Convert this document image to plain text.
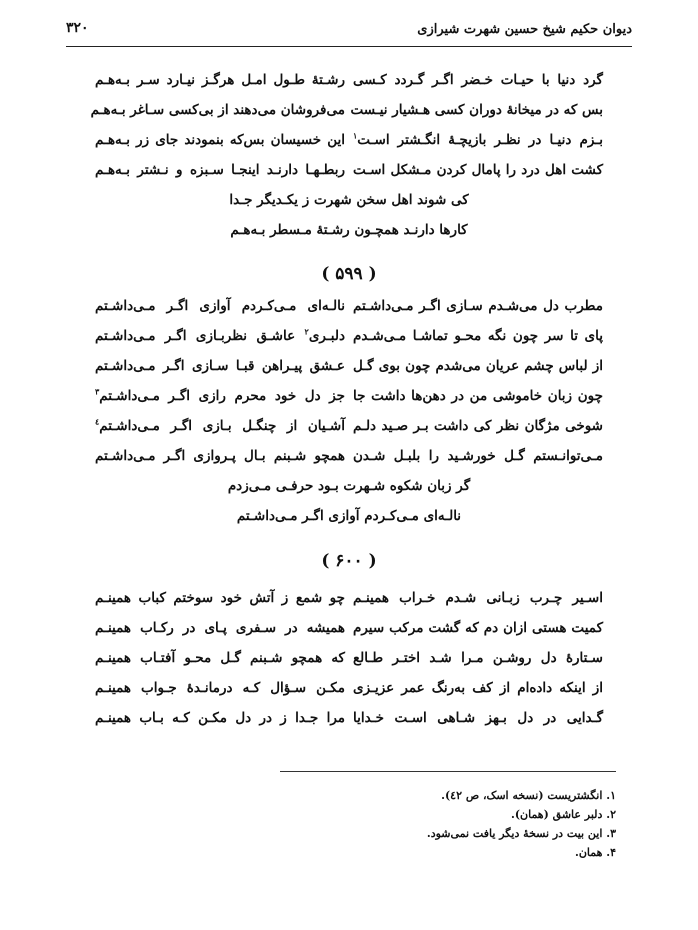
دیوان حکیم شیخ حسین شهرت شیرازی
۳۲۰
گرد دنیا با حیـات خـضر اگـر گـردد کـسی
رشـتهٔ طـول امـل هرگـز نیـارد سـر بـه‌هـم
بس که در میخانهٔ دوران کسی هـشیار نیـست
می‌فروشان می‌دهند از بی‌کسی سـاغر بـه‌هـم
بـزم دنیـا در نظـر بازیچـهٔ انگـشتر اسـت$^۱$
این خسیسان بس‌که بنمودند جای زر بـه‌هـم
کشت اهل درد را پامال کردن مـشکل اسـت
ربطـهـا دارنـد اینجـا سـبزه و نـشتر بـه‌هـم
کی شوند اهل سخن شهرت ز یکـدیگر جـدا
کارها دارنـد همچـون رشـتهٔ مـسطر بـه‌هـم
( ۵۹۹ )
مطرب دل می‌شـدم سـازی اگـر مـی‌داشـتم
نالـه‌ای مـی‌کـردم آوازی اگـر مـی‌داشـتم
پای تا سر چون نگه محـو تماشـا مـی‌شـدم
دلبـری$^۲$ عاشـق نظربـازی اگـر مـی‌داشـتم
از لباس چشم عریان می‌شدم چون بوی گـل
عـشق پیـراهن قبـا سـازی اگـر مـی‌داشـتم
چون زبان خاموشی من در دهن‌ها داشت جا
جز دل خود محرم رازی اگـر مـی‌داشـتم$^۳$
شوخی مژگان نظر کی داشت بـر صـید دلـم
آشـیان از چنگـل بـازی اگـر مـی‌داشـتم$^٤$
مـی‌توانـستم گـل خورشـید را بلبـل شـدن
همچو شـبنم بـال پـروازی اگـر مـی‌داشـتم
گر زبان شکوه شـهرت بـود حرفـی مـی‌زدم
نالـه‌ای مـی‌کـردم آوازی اگـر مـی‌داشـتم
( ۶۰۰ )
اسـیر چـرب زبـانی شـدم خـراب همینـم
چو شمع ز آتش خود سوختم کباب همینـم
کمیت هستی ازان دم که گشت مرکب سیرم
همیشه در سـفری پـای در رکـاب همینـم
سـتارهٔ دل روشـن مـرا شـد اختـر طـالع
که همچو شـبنم گـل محـو آفتـاب همینـم
از اینکه داده‌ام از کف به‌رنگ عمر عزیـزی
مکـن سـؤال کـه درمانـدهٔ جـواب همینـم
گـدایی در دل بـهز شـاهی اسـت خـدایا
مرا جـدا ز در دل مکـن کـه بـاب همینـم
۱. انگشتریست (نسخه اسک، ص ٤٢).
۲. دلبر عاشق (همان).
۳. این بیت در نسخهٔ دیگر یافت نمی‌شود.
۴. همان.
